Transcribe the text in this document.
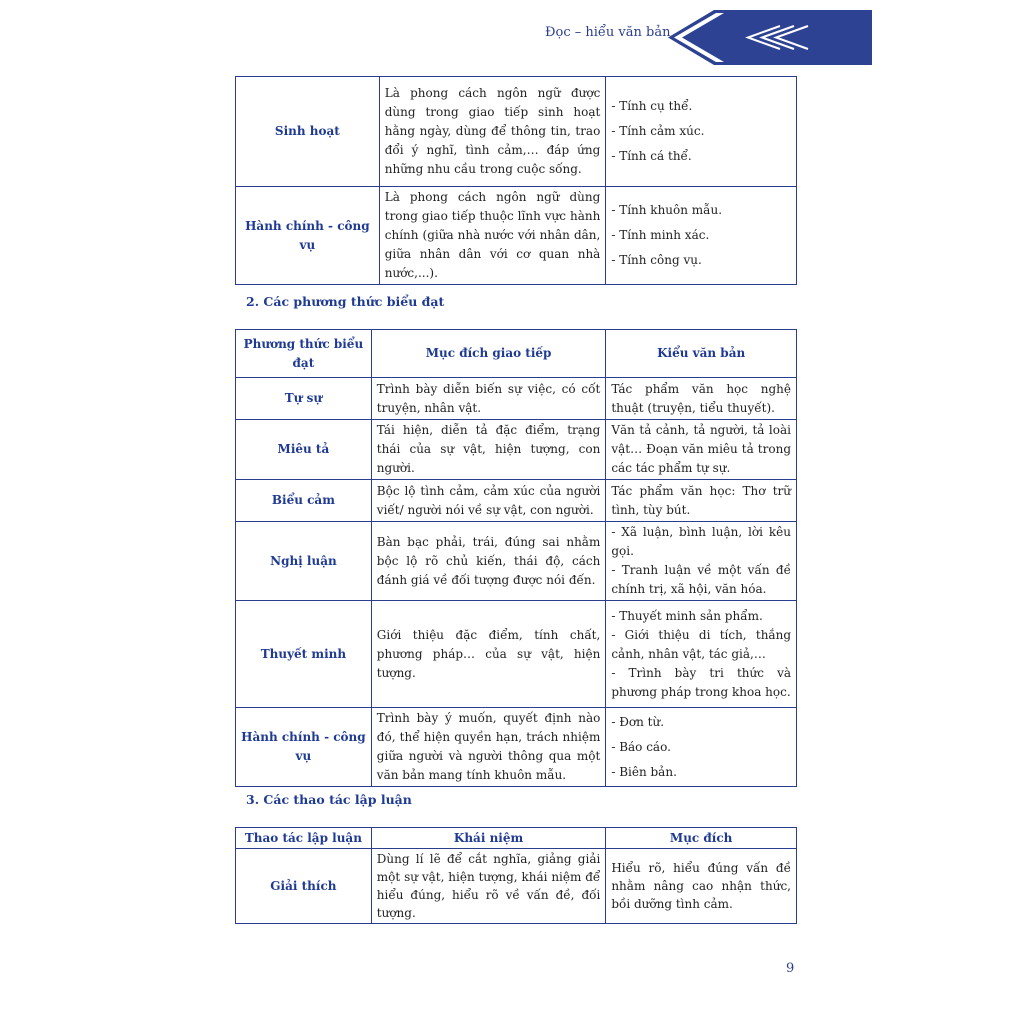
Đọc – hiểu văn bản
Sinh hoạt	Là phong cách ngôn ngữ được dùng trong giao tiếp sinh hoạt hằng ngày, dùng để thông tin, trao đổi ý nghĩ, tình cảm,… đáp ứng những nhu cầu trong cuộc sống.	- Tính cụ thể.
- Tính cảm xúc.
- Tính cá thể.

Hành chính - công vụ	Là phong cách ngôn ngữ dùng trong giao tiếp thuộc lĩnh vực hành chính (giữa nhà nước với nhân dân, giữa nhân dân với cơ quan nhà nước,...).	- Tính khuôn mẫu.
- Tính minh xác.
- Tính công vụ.
2. Các phương thức biểu đạt
Phương thức biểu đạt	Mục đích giao tiếp	Kiểu văn bản
Tự sự	Trình bày diễn biến sự việc, có cốt truyện, nhân vật.	Tác phẩm văn học nghệ thuật (truyện, tiểu thuyết).
Miêu tả	Tái hiện, diễn tả đặc điểm, trạng thái của sự vật, hiện tượng, con người.	Văn tả cảnh, tả người, tả loài vật… Đoạn văn miêu tả trong các tác phẩm tự sự.
Biểu cảm	Bộc lộ tình cảm, cảm xúc của người viết/ người nói về sự vật, con người.	Tác phẩm văn học: Thơ trữ tình, tùy bút.
Nghị luận	Bàn bạc phải, trái, đúng sai nhằm bộc lộ rõ chủ kiến, thái độ, cách đánh giá về đối tượng được nói đến.	- Xã luận, bình luận, lời kêu gọi.
- Tranh luận về một vấn đề chính trị, xã hội, văn hóa.

Thuyết minh	Giới thiệu đặc điểm, tính chất, phương pháp… của sự vật, hiện tượng.	- Thuyết minh sản phẩm.
- Giới thiệu di tích, thắng cảnh, nhân vật, tác giả,…
- Trình bày tri thức và phương pháp trong khoa học.

Hành chính - công vụ	Trình bày ý muốn, quyết định nào đó, thể hiện quyền hạn, trách nhiệm giữa người và người thông qua một văn bản mang tính khuôn mẫu.	- Đơn từ.
- Báo cáo.
- Biên bản.
3. Các thao tác lập luận
Thao tác lập luận	Khái niệm	Mục đích
Giải thích	Dùng lí lẽ để cắt nghĩa, giảng giải một sự vật, hiện tượng, khái niệm để hiểu đúng, hiểu rõ về vấn đề, đối tượng.	Hiểu rõ, hiểu đúng vấn đề nhằm nâng cao nhận thức, bồi dưỡng tình cảm.
9
